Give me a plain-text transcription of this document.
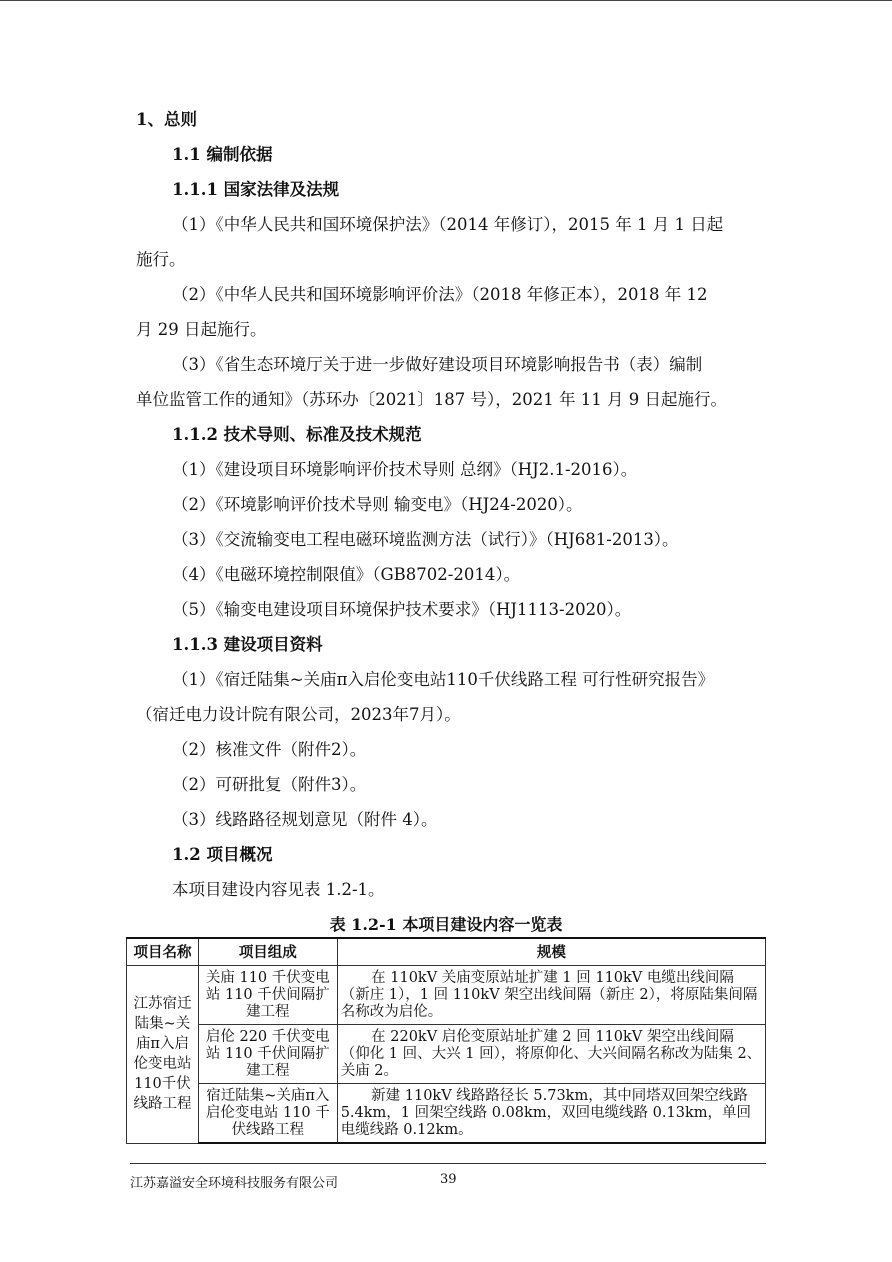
1、总则
1.1 编制依据
1.1.1 国家法律及法规
（1）《中华人民共和国环境保护法》（2014 年修订），2015 年 1 月 1 日起
施行。
（2）《中华人民共和国环境影响评价法》（2018 年修正本），2018 年 12
月 29 日起施行。
（3）《省生态环境厅关于进一步做好建设项目环境影响报告书（表）编制
单位监管工作的通知》（苏环办〔2021〕187 号），2021 年 11 月 9 日起施行。
1.1.2 技术导则、标准及技术规范
（1）《建设项目环境影响评价技术导则 总纲》（HJ2.1-2016）。
（2）《环境影响评价技术导则 输变电》（HJ24-2020）。
（3）《交流输变电工程电磁环境监测方法（试行）》（HJ681-2013）。
（4）《电磁环境控制限值》（GB8702-2014）。
（5）《输变电建设项目环境保护技术要求》（HJ1113-2020）。
1.1.3 建设项目资料
（1）《宿迁陆集~关庙π入启伦变电站110千伏线路工程 可行性研究报告》
（宿迁电力设计院有限公司，2023年7月）。
（2）核准文件（附件2）。
（2）可研批复（附件3）。
（3）线路路径规划意见（附件 4）。
1.2 项目概况
本项目建设内容见表 1.2-1。
表 1.2-1 本项目建设内容一览表
项目名称	项目组成	规模
江苏宿迁陆集~关庙π入启伦变电站110千伏线路工程	关庙 110 千伏变电站 110 千伏间隔扩建工程	在 110kV 关庙变原站址扩建 1 回 110kV 电缆出线间隔（新庄 1），1 回 110kV 架空出线间隔（新庄 2），将原陆集间隔名称改为启伦。
	启伦 220 千伏变电站 110 千伏间隔扩建工程	在 220kV 启伦变原站址扩建 2 回 110kV 架空出线间隔（仰化 1 回、大兴 1 回），将原仰化、大兴间隔名称改为陆集 2、关庙 2。
	宿迁陆集~关庙π入启伦变电站 110 千伏线路工程	新建 110kV 线路路径长 5.73km，其中同塔双回架空线路 5.4km，1 回架空线路 0.08km，双回电缆线路 0.13km，单回电缆线路 0.12km。
江苏嘉溢安全环境科技服务有限公司	39
